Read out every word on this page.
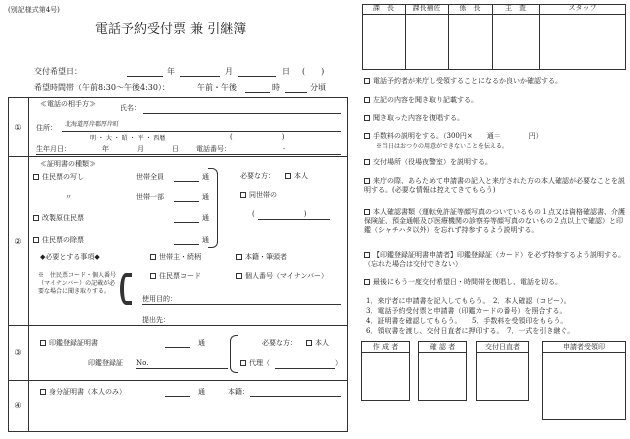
(別記様式第4号)
電話予約受付票 兼 引継簿
課　長	課長補佐	係　長	主　査	スタッフ
交付希望日：	年	月	日 (　　)
希望時間帯（午前8:30～午後4:30）：	午前・午後	時	分頃
①
≪電話の相手方≫	氏名：
住所： 北海道厚岸郡厚岸町
明 ・ 大 ・ 昭 ・ 平 ・ 西暦	(　　　　　　　)
生年月日：	年	月	日 電話番号：	-
②
≪証明書の種類≫
住民票の写し	世帯全員	通
〃	世帯一部	通
改製原住民票	通
住民票の除票	通
必要な方：	本人
同世帯の
(　　　　　　　)
◆必要とする事項◆	世帯主・続柄	本籍・筆頭者
住民票コード	個人番号（マイナンバー）
※　住民票コード・個人番号（マイナンバー）の記載が必要な場合に聞き取りする。
使用目的：
提出先：
③
印鑑登録証明書	通
印鑑登録証 No.
必要な方：	本人
代理（	）
④
身分証明書（本人のみ）	通	本籍：
電話予約者が来庁し受領することになるか良いか確認する。
左記の内容を聞き取り記載する。
聞き取った内容を復唱する。
手数料の説明をする。（300円×　　通＝　　　　円）
※当日はおつりの用意ができないことを伝える。
交付場所（役場夜警室）を説明する。
来庁の際、あらためて申請書の記入と来庁された方の本人確認が必要なことを説明する。(必要な情報は控えてきてもらう)
本人確認書類（運転免許証等顔写真のついているもの１点又は資格確認書、介護保険証、預金通帳及び医療機関の診察券等顔写真のないもの２点以上で確認）と印鑑（シャチハタ以外）を忘れず持参するよう説明する。
【印鑑登録証明書申請者】印鑑登録証（カード）を必ず持参するよう説明する。（忘れた場合は交付できない）
最後にもう一度交付希望日・時間帯を復唱し、電話を切る。
1．来庁者に申請書を記入してもらう。　2．本人確認（コピー）。
3．電話予約受付票と申請書（印鑑カードの番号）を照合する。
4．証明書を確認してもらう。　　5．手数料を受領印をもらう。
6．領収書を渡し、交付日直者に押印する。　7．一式を引き継ぐ。
作 成 者	確 認 者	交付日直者	申請者受領印
